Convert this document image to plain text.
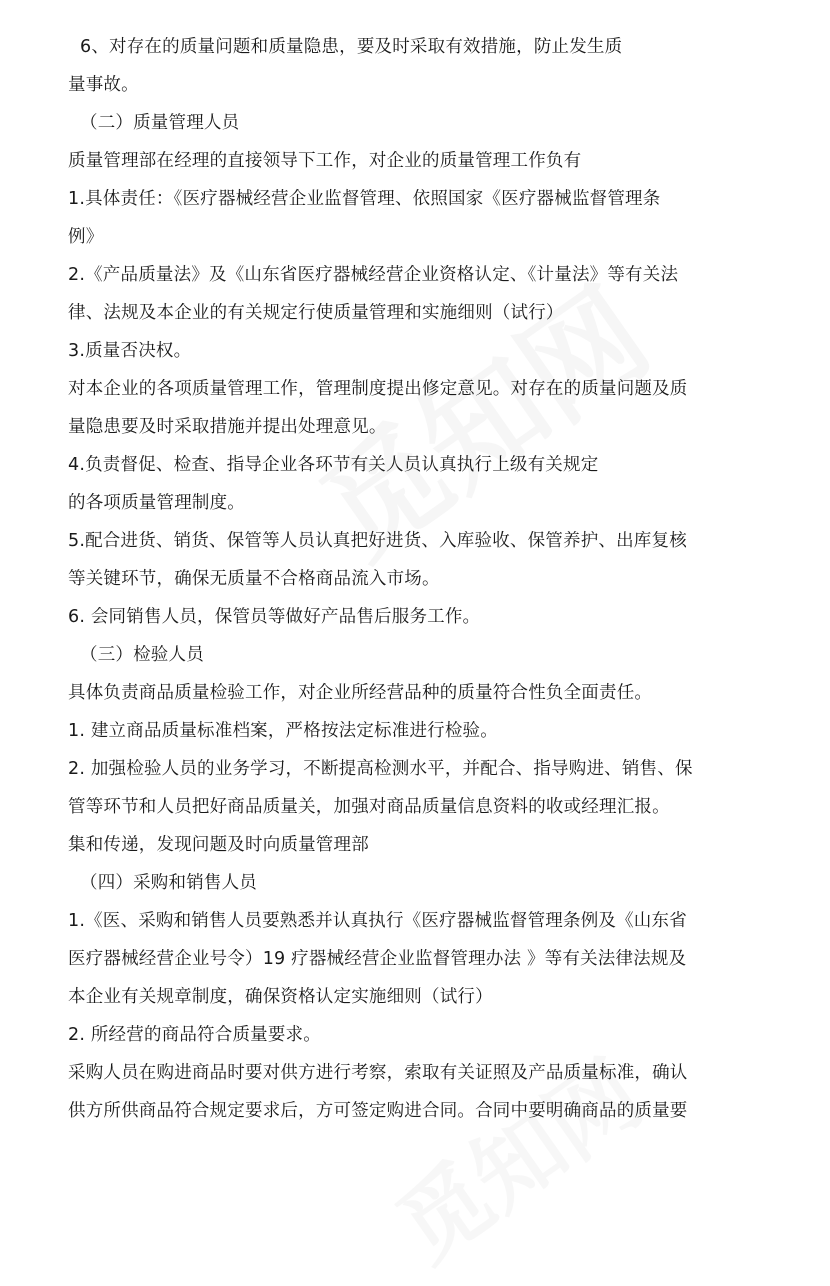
6、对存在的质量问题和质量隐患，要及时采取有效措施，防止发生质
量事故。
（二）质量管理人员
质量管理部在经理的直接领导下工作，对企业的质量管理工作负有
1.具体责任：《医疗器械经营企业监督管理、依照国家《医疗器械监督管理条
例》
2.《产品质量法》及《山东省医疗器械经营企业资格认定、《计量法》等有关法
律、法规及本企业的有关规定行使质量管理和实施细则（试行）
3.质量否决权。
对本企业的各项质量管理工作，管理制度提出修定意见。对存在的质量问题及质
量隐患要及时采取措施并提出处理意见。
4.负责督促、检查、指导企业各环节有关人员认真执行上级有关规定
的各项质量管理制度。
5.配合进货、销货、保管等人员认真把好进货、入库验收、保管养护、出库复核
等关键环节，确保无质量不合格商品流入市场。
6. 会同销售人员，保管员等做好产品售后服务工作。
（三）检验人员
具体负责商品质量检验工作，对企业所经营品种的质量符合性负全面责任。
1. 建立商品质量标准档案，严格按法定标准进行检验。
2. 加强检验人员的业务学习，不断提高检测水平，并配合、指导购进、销售、保
管等环节和人员把好商品质量关，加强对商品质量信息资料的收或经理汇报。
集和传递，发现问题及时向质量管理部
（四）采购和销售人员
1.《医、采购和销售人员要熟悉并认真执行《医疗器械监督管理条例及《山东省
医疗器械经营企业号令）19 疗器械经营企业监督管理办法 》等有关法律法规及
本企业有关规章制度，确保资格认定实施细则（试行）
2. 所经营的商品符合质量要求。
采购人员在购进商品时要对供方进行考察，索取有关证照及产品质量标准，确认
供方所供商品符合规定要求后，方可签定购进合同。合同中要明确商品的质量要
